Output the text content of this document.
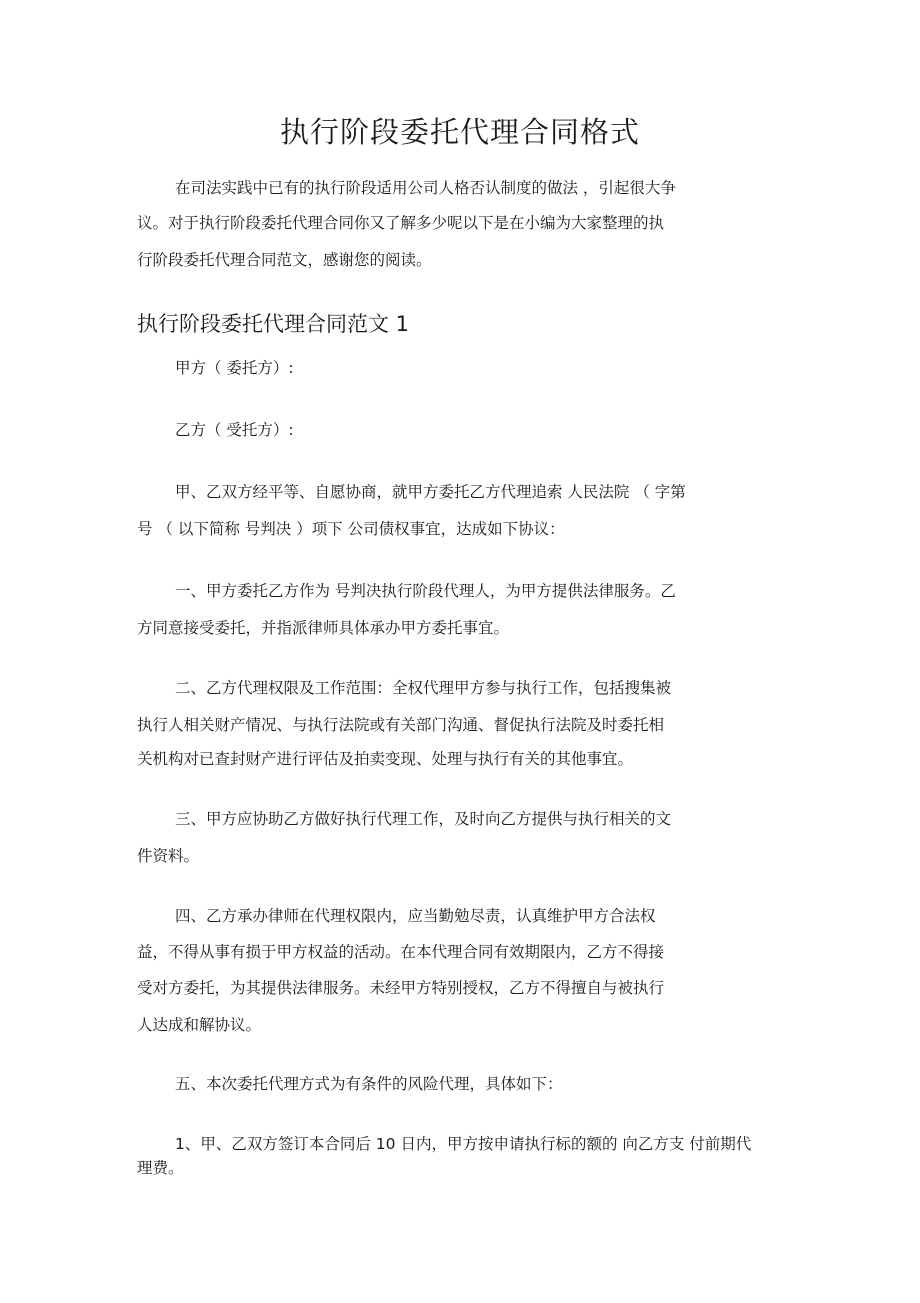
执行阶段委托代理合同格式
在司法实践中已有的执行阶段适用公司人格否认制度的做法 ，引起很大争
议。对于执行阶段委托代理合同你又了解多少呢以下是在小编为大家整理的执
行阶段委托代理合同范文，感谢您的阅读。
执行阶段委托代理合同范文 1
甲方（ 委托方）:
乙方（ 受托方）:
甲、乙双方经平等、自愿协商，就甲方委托乙方代理追索 人民法院 （ 字第
号 （ 以下简称 号判决 ）项下 公司债权事宜，达成如下协议：
一、甲方委托乙方作为 号判决执行阶段代理人，为甲方提供法律服务。乙
方同意接受委托，并指派律师具体承办甲方委托事宜。
二、乙方代理权限及工作范围：全权代理甲方参与执行工作，包括搜集被
执行人相关财产情况、与执行法院或有关部门沟通、督促执行法院及时委托相
关机构对已查封财产进行评估及拍卖变现、处理与执行有关的其他事宜。
三、甲方应协助乙方做好执行代理工作，及时向乙方提供与执行相关的文
件资料。
四、乙方承办律师在代理权限内，应当勤勉尽责，认真维护甲方合法权
益，不得从事有损于甲方权益的活动。在本代理合同有效期限内，乙方不得接
受对方委托，为其提供法律服务。未经甲方特别授权，乙方不得擅自与被执行
人达成和解协议。
五、本次委托代理方式为有条件的风险代理，具体如下：
1、甲、乙双方签订本合同后 10 日内，甲方按申请执行标的额的 向乙方支 付前期代
理费。
